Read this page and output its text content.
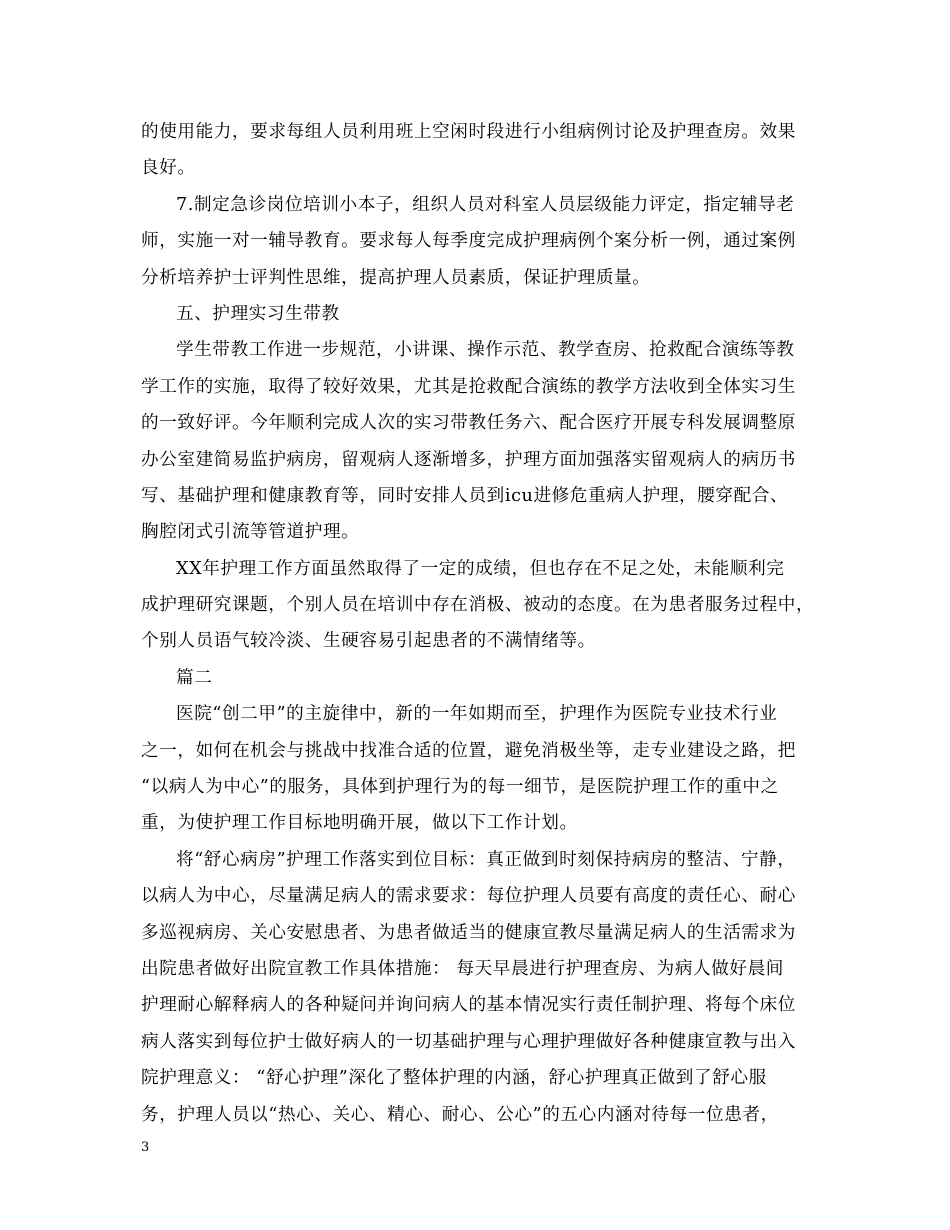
的使用能力，要求每组人员利用班上空闲时段进行小组病例讨论及护理查房。效果
良好。
7.制定急诊岗位培训小本子，组织人员对科室人员层级能力评定，指定辅导老
师，实施一对一辅导教育。要求每人每季度完成护理病例个案分析一例，通过案例
分析培养护士评判性思维，提高护理人员素质，保证护理质量。
五、护理实习生带教
学生带教工作进一步规范，小讲课、操作示范、教学查房、抢救配合演练等教
学工作的实施，取得了较好效果，尤其是抢救配合演练的教学方法收到全体实习生
的一致好评。今年顺利完成人次的实习带教任务六、配合医疗开展专科发展调整原
办公室建简易监护病房，留观病人逐渐增多，护理方面加强落实留观病人的病历书
写、基础护理和健康教育等，同时安排人员到icu进修危重病人护理，腰穿配合、
胸腔闭式引流等管道护理。
XX年护理工作方面虽然取得了一定的成绩，但也存在不足之处，未能顺利完
成护理研究课题，个别人员在培训中存在消极、被动的态度。在为患者服务过程中，
个别人员语气较冷淡、生硬容易引起患者的不满情绪等。
篇二
医院“创二甲”的主旋律中，新的一年如期而至，护理作为医院专业技术行业
之一，如何在机会与挑战中找准合适的位置，避免消极坐等，走专业建设之路，把
“以病人为中心”的服务，具体到护理行为的每一细节，是医院护理工作的重中之
重，为使护理工作目标地明确开展，做以下工作计划。
将“舒心病房”护理工作落实到位目标：真正做到时刻保持病房的整洁、宁静，
以病人为中心，尽量满足病人的需求要求：每位护理人员要有高度的责任心、耐心
多巡视病房、关心安慰患者、为患者做适当的健康宣教尽量满足病人的生活需求为
出院患者做好出院宣教工作具体措施： 每天早晨进行护理查房、为病人做好晨间
护理耐心解释病人的各种疑问并询问病人的基本情况实行责任制护理、将每个床位
病人落实到每位护士做好病人的一切基础护理与心理护理做好各种健康宣教与出入
院护理意义： “舒心护理”深化了整体护理的内涵，舒心护理真正做到了舒心服
务，护理人员以“热心、关心、精心、耐心、公心”的五心内涵对待每一位患者，
3
